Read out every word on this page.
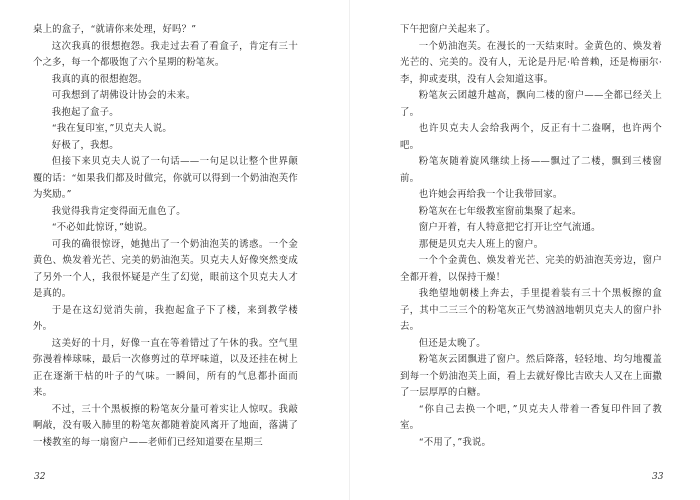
桌上的盒子，“就请你来处理，好吗？”

这次我真的很想抱怨。我走过去看了看盒子，肯定有三十个之多，每一个都吸饱了六个星期的粉笔灰。

我真的真的很想抱怨。

可我想到了胡佛设计协会的未来。

我抱起了盒子。

“我在复印室，”贝克夫人说。

好极了，我想。

但接下来贝克夫人说了一句话——一句足以让整个世界颠覆的话：“如果我们都及时做完，你就可以得到一个奶油泡芙作为奖励。”

我觉得我肯定变得面无血色了。

“不必如此惊讶，”她说。

可我的确很惊讶，她抛出了一个奶油泡芙的诱惑。一个金黄色、焕发着光芒、完美的奶油泡芙。贝克夫人好像突然变成了另外一个人，我很怀疑是产生了幻觉，眼前这个贝克夫人才是真的。

于是在这幻觉消失前，我抱起盒子下了楼，来到教学楼外。

这美好的十月，好像一直在等着错过了午休的我。空气里弥漫着棒球味，最后一次修剪过的草坪味道，以及还挂在树上正在逐渐干枯的叶子的气味。一瞬间，所有的气息都扑面而来。

不过，三十个黑板擦的粉笔灰分量可着实让人惊叹。我敲啊敲，没有吸入肺里的粉笔灰都随着旋风离开了地面，落满了一楼教室的每一扇窗户——老师们已经知道要在星期三

32

下午把窗户关起来了。

一个奶油泡芙。在漫长的一天结束时。金黄色的、焕发着光芒的、完美的。没有人，无论是丹尼·哈普赖，还是梅丽尔·李，抑或麦琪，没有人会知道这事。

粉笔灰云团越升越高，飘向二楼的窗户——全都已经关上了。

也许贝克夫人会给我两个，反正有十二盎啊，也许两个吧。

粉笔灰随着旋风继续上扬——飘过了二楼，飘到三楼窗前。

也许她会再给我一个让我带回家。

粉笔灰在七年级教室窗前集聚了起来。

窗户开着，有人特意把它打开让空气流通。

那便是贝克夫人班上的窗户。

一个个金黄色、焕发着光芒、完美的奶油泡芙旁边，窗户全都开着，以保持干燥！

我绝望地朝楼上奔去，手里提着装有三十个黑板擦的盒子，其中二三三个的粉笔灰正气势汹汹地朝贝克夫人的窗户扑去。

但还是太晚了。

粉笔灰云团飘进了窗户。然后降落，轻轻地、均匀地覆盖到每一个奶油泡芙上面，看上去就好像比吉欧夫人又在上面撒了一层厚厚的白糖。

“你自己去换一个吧，”贝克夫人带着一香复印件回了教室。

“不用了，”我说。

33
